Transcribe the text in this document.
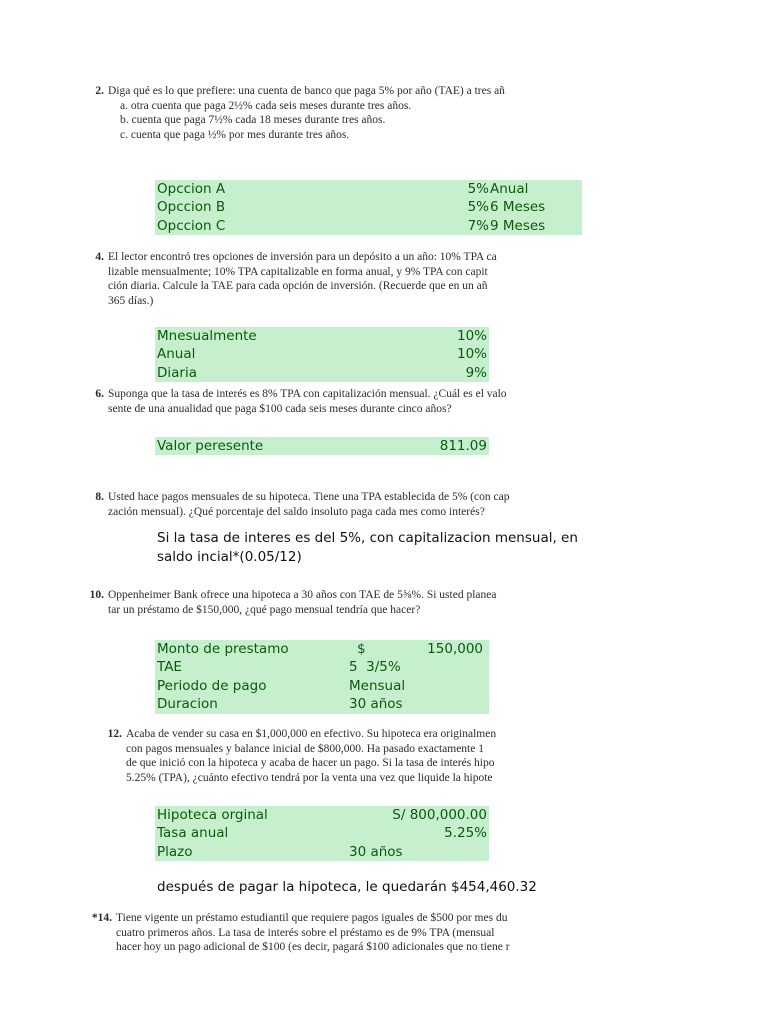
2. Diga qué es lo que prefiere: una cuenta de banco que paga 5% por año (TAE) a tres añ
a. otra cuenta que paga 2½% cada seis meses durante tres años.
b. cuenta que paga 7½% cada 18 meses durante tres años.
c. cuenta que paga ½% por mes durante tres años.
Opccion A	5% Anual
Opccion B	5% 6 Meses
Opccion C	7% 9 Meses
4. El lector encontró tres opciones de inversión para un depósito a un año: 10% TPA ca
lizable mensualmente; 10% TPA capitalizable en forma anual, y 9% TPA con capit
ción diaria. Calcule la TAE para cada opción de inversión. (Recuerde que en un añ
365 días.)
Mnesualmente	10%
Anual	10%
Diaria	9%
6. Suponga que la tasa de interés es 8% TPA con capitalización mensual. ¿Cuál es el valo
sente de una anualidad que paga $100 cada seis meses durante cinco años?
Valor peresente	811.09
8. Usted hace pagos mensuales de su hipoteca. Tiene una TPA establecida de 5% (con cap
zación mensual). ¿Qué porcentaje del saldo insoluto paga cada mes como interés?
Si la tasa de interes es del 5%, con capitalizacion mensual, en
saldo incial*(0.05/12)
10. Oppenheimer Bank ofrece una hipoteca a 30 años con TAE de 5⅝%. Si usted planea
tar un préstamo de $150,000, ¿qué pago mensual tendría que hacer?
Monto de prestamo	$	150,000
TAE	5  3/5%
Periodo de pago	Mensual
Duracion	30 años
12. Acaba de vender su casa en $1,000,000 en efectivo. Su hipoteca era originalmen
con pagos mensuales y balance inicial de $800,000. Ha pasado exactamente 1
de que inició con la hipoteca y acaba de hacer un pago. Si la tasa de interés hipo
5.25% (TPA), ¿cuánto efectivo tendrá por la venta una vez que liquide la hipote
Hipoteca orginal	S/ 800,000.00
Tasa anual	5.25%
Plazo	30 años
después de pagar la hipoteca, le quedarán $454,460.32
*14. Tiene vigente un préstamo estudiantil que requiere pagos iguales de $500 por mes du
cuatro primeros años. La tasa de interés sobre el préstamo es de 9% TPA (mensual
hacer hoy un pago adicional de $100 (es decir, pagará $100 adicionales que no tiene r
